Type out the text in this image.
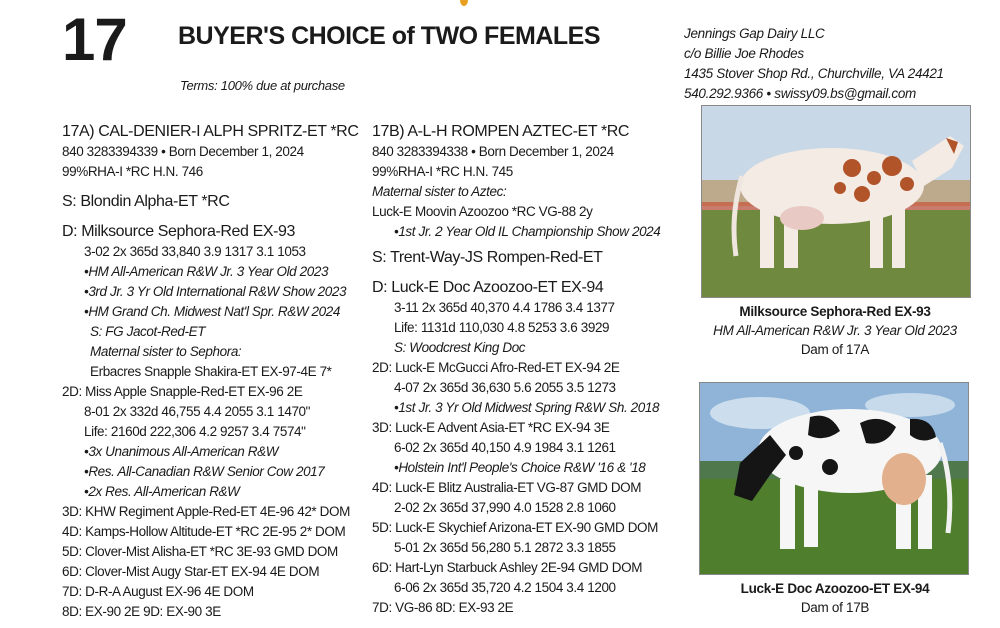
17 BUYER'S CHOICE of TWO FEMALES
Terms: 100% due at purchase
Jennings Gap Dairy LLC
c/o Billie Joe Rhodes
1435 Stover Shop Rd., Churchville, VA 24421
540.292.9366 • swissy09.bs@gmail.com
17A) CAL-DENIER-I ALPH SPRITZ-ET *RC
840 3283394339 • Born December 1, 2024
99%RHA-I *RC H.N. 746
S: Blondin Alpha-ET *RC
D: Milksource Sephora-Red EX-93
3-02 2x 365d 33,840 3.9 1317 3.1 1053
•HM All-American R&W Jr. 3 Year Old 2023
•3rd Jr. 3 Yr Old International R&W Show 2023
•HM Grand Ch. Midwest Nat'l Spr. R&W 2024
S: FG Jacot-Red-ET
Maternal sister to Sephora:
Erbacres Snapple Shakira-ET EX-97-4E 7*
2D: Miss Apple Snapple-Red-ET EX-96 2E
8-01 2x 332d 46,755 4.4 2055 3.1 1470"
Life: 2160d 222,306 4.2 9257 3.4 7574"
•3x Unanimous All-American R&W
•Res. All-Canadian R&W Senior Cow 2017
•2x Res. All-American R&W
3D: KHW Regiment Apple-Red-ET 4E-96 42* DOM
4D: Kamps-Hollow Altitude-ET *RC 2E-95 2* DOM
5D: Clover-Mist Alisha-ET *RC 3E-93 GMD DOM
6D: Clover-Mist Augy Star-ET EX-94 4E DOM
7D: D-R-A August EX-96 4E DOM
8D: EX-90 2E 9D: EX-90 3E
17B) A-L-H ROMPEN AZTEC-ET *RC
840 3283394338 • Born December 1, 2024
99%RHA-I *RC H.N. 745
Maternal sister to Aztec:
Luck-E Moovin Azoozoo *RC VG-88 2y
•1st Jr. 2 Year Old IL Championship Show 2024
S: Trent-Way-JS Rompen-Red-ET
D: Luck-E Doc Azoozoo-ET EX-94
3-11 2x 365d 40,370 4.4 1786 3.4 1377
Life: 1131d 110,030 4.8 5253 3.6 3929
S: Woodcrest King Doc
2D: Luck-E McGucci Afro-Red-ET EX-94 2E
4-07 2x 365d 36,630 5.6 2055 3.5 1273
•1st Jr. 3 Yr Old Midwest Spring R&W Sh. 2018
3D: Luck-E Advent Asia-ET *RC EX-94 3E
6-02 2x 365d 40,150 4.9 1984 3.1 1261
•Holstein Int'l People's Choice R&W '16 & '18
4D: Luck-E Blitz Australia-ET VG-87 GMD DOM
2-02 2x 365d 37,990 4.0 1528 2.8 1060
5D: Luck-E Skychief Arizona-ET EX-90 GMD DOM
5-01 2x 365d 56,280 5.1 2872 3.3 1855
6D: Hart-Lyn Starbuck Ashley 2E-94 GMD DOM
6-06 2x 365d 35,720 4.2 1504 3.4 1200
7D: VG-86 8D: EX-93 2E
Milksource Sephora-Red EX-93
HM All-American R&W Jr. 3 Year Old 2023
Dam of 17A
Luck-E Doc Azoozoo-ET EX-94
Dam of 17B
